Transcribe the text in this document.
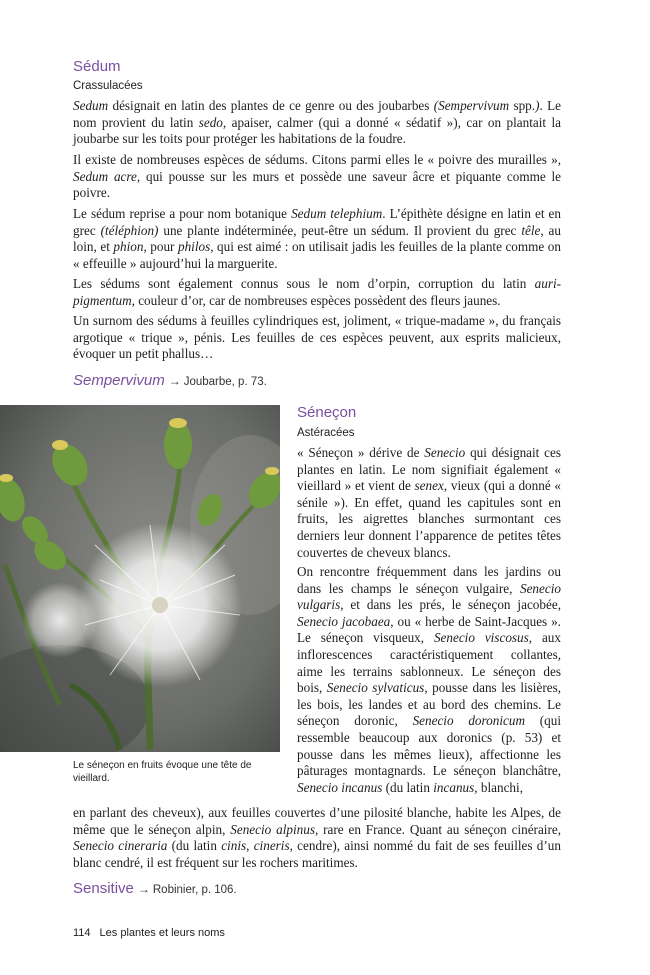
Sédum

Crassulacées

Sedum désignait en latin des plantes de ce genre ou des joubarbes (Sempervivum spp.). Le nom provient du latin sedo, apaiser, calmer (qui a donné « sédatif »), car on plantait la joubarbe sur les toits pour protéger les habitations de la foudre.

Il existe de nombreuses espèces de sédums. Citons parmi elles le « poivre des murailles », Sedum acre, qui pousse sur les murs et possède une saveur âcre et piquante comme le poivre.

Le sédum reprise a pour nom botanique Sedum telephium. L’épithète désigne en latin et en grec (téléphion) une plante indéterminée, peut-être un sédum. Il provient du grec têle, au loin, et phion, pour philos, qui est aimé : on utilisait jadis les feuilles de la plante comme on « effeuille » aujourd’hui la marguerite.

Les sédums sont également connus sous le nom d’orpin, corruption du latin auri-pigmentum, couleur d’or, car de nombreuses espèces possèdent des fleurs jaunes.

Un surnom des sédums à feuilles cylindriques est, joliment, « trique-madame », du français argotique « trique », pénis. Les feuilles de ces espèces peuvent, aux esprits malicieux, évoquer un petit phallus…

Sempervivum → Joubarbe, p. 73.
Le séneçon en fruits évoque une tête de vieillard.
Séneçon

Astéracées

« Séneçon » dérive de Senecio qui désignait ces plantes en latin. Le nom signifiait également « vieillard » et vient de senex, vieux (qui a donné « sénile »). En effet, quand les capitules sont en fruits, les aigrettes blanches surmontant ces derniers leur donnent l’apparence de petites têtes couvertes de cheveux blancs.

On rencontre fréquemment dans les jardins ou dans les champs le séneçon vulgaire, Senecio vulgaris, et dans les prés, le séneçon jacobée, Senecio jacobaea, ou « herbe de Saint-Jacques ». Le séneçon visqueux, Senecio viscosus, aux inflorescences caractéristiquement collantes, aime les terrains sablonneux. Le séneçon des bois, Senecio sylvaticus, pousse dans les lisières, les bois, les landes et au bord des chemins. Le séneçon doronic, Senecio doronicum (qui ressemble beaucoup aux doronics (p. 53) et pousse dans les mêmes lieux), affectionne les pâturages montagnards. Le séneçon blanchâtre, Senecio incanus (du latin incanus, blanchi,

en parlant des cheveux), aux feuilles couvertes d’une pilosité blanche, habite les Alpes, de même que le séneçon alpin, Senecio alpinus, rare en France. Quant au séneçon cinéraire, Senecio cineraria (du latin cinis, cineris, cendre), ainsi nommé du fait de ses feuilles d’un blanc cendré, il est fréquent sur les rochers maritimes.

Sensitive → Robinier, p. 106.
114 Les plantes et leurs noms
